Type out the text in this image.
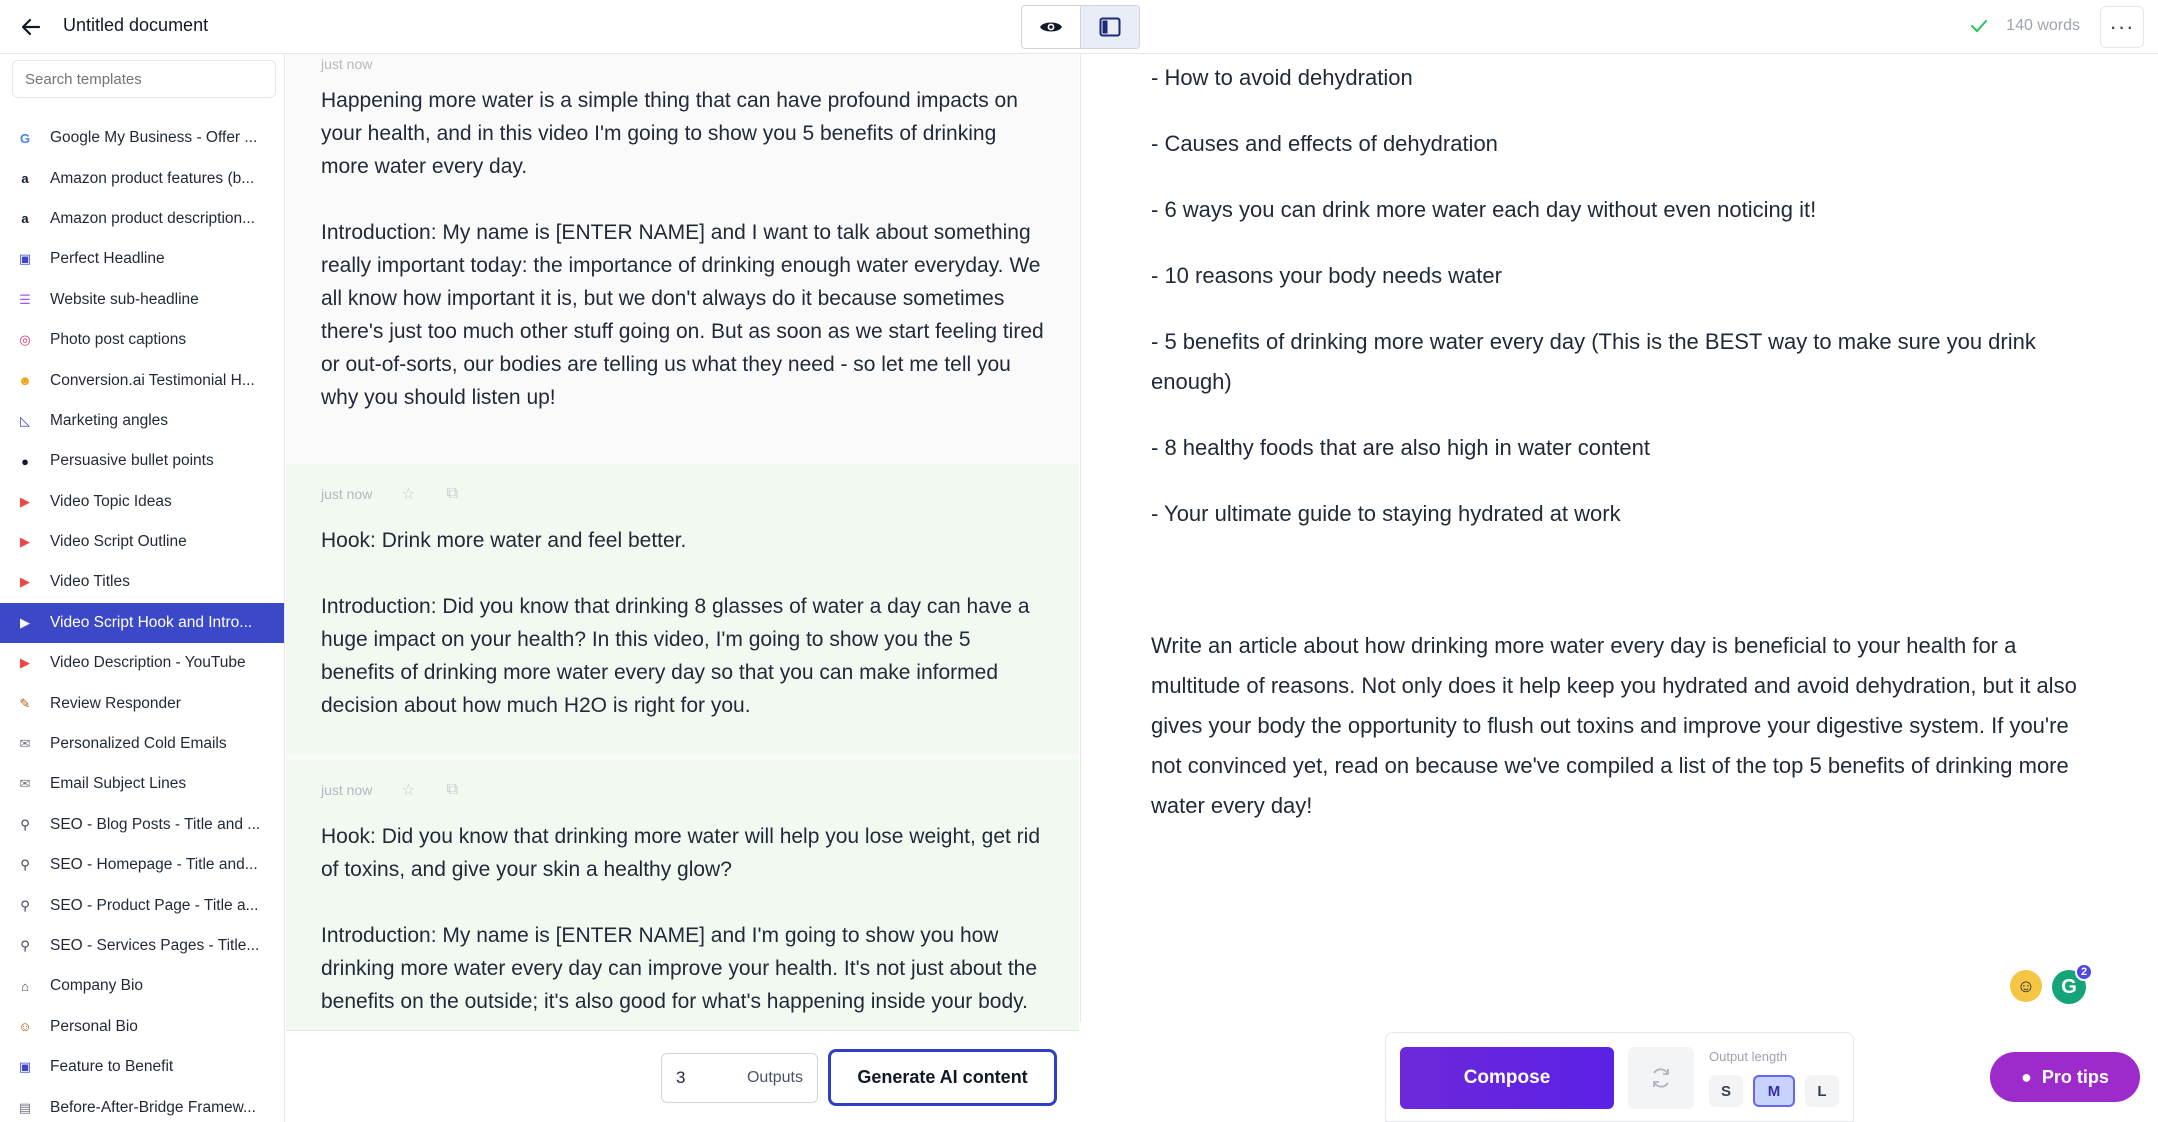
Untitled document	140 words ···
Search templates
G Google My Business - Offer ...
a	Amazon product features (b...
a	Amazon product description...
▣ Perfect Headline
☰ Website sub-headline
◎ Photo post captions
☻ Conversion.ai Testimonial H...
◺ Marketing angles
●	Persuasive bullet points
▶ Video Topic Ideas
▶ Video Script Outline
▶ Video Titles
▶ Video Script Hook and Intro...
▶ Video Description - YouTube
✎ Review Responder
✉ Personalized Cold Emails
✉ Email Subject Lines
⚲ SEO - Blog Posts - Title and ...
⚲ SEO - Homepage - Title and...
⚲ SEO - Product Page - Title a...
⚲ SEO - Services Pages - Title...
⌂	Company Bio
☺ Personal Bio
▣ Feature to Benefit
▤ Before-After-Bridge Framew...
just now

Happening more water is a simple thing that can have profound impacts on your health, and in this video I'm going to show you 5 benefits of drinking more water every day.

Introduction: My name is [ENTER NAME] and I want to talk about something really important today: the importance of drinking enough water everyday. We all know how important it is, but we don't always do it because sometimes there's just too much other stuff going on. But as soon as we start feeling tired or out-of-sorts, our bodies are telling us what they need - so let me tell you why you should listen up!

just now ☆ ⧉

Hook: Drink more water and feel better.

Introduction: Did you know that drinking 8 glasses of water a day can have a huge impact on your health? In this video, I'm going to show you the 5 benefits of drinking more water every day so that you can make informed decision about how much H2O is right for you.

just now ☆ ⧉

Hook: Did you know that drinking more water will help you lose weight, get rid of toxins, and give your skin a healthy glow?

Introduction: My name is [ENTER NAME] and I'm going to show you how drinking more water every day can improve your health. It's not just about the benefits on the outside; it's also good for what's happening inside your body.

3	Outputs	Generate AI content
- How to avoid dehydration
- Causes and effects of dehydration
- 6 ways you can drink more water each day without even noticing it!
- 10 reasons your body needs water
- 5 benefits of drinking more water every day (This is the BEST way to make sure you drink enough)
- 8 healthy foods that are also high in water content
- Your ultimate guide to staying hydrated at work
Write an article about how drinking more water every day is beneficial to your health for a multitude of reasons. Not only does it help keep you hydrated and avoid dehydration, but it also gives your body the opportunity to flush out toxins and improve your digestive system. If you're not convinced yet, read on because we've compiled a list of the top 5 benefits of drinking more water every day!
Compose
Output length
S	M	L
☺	G
2
● Pro tips
